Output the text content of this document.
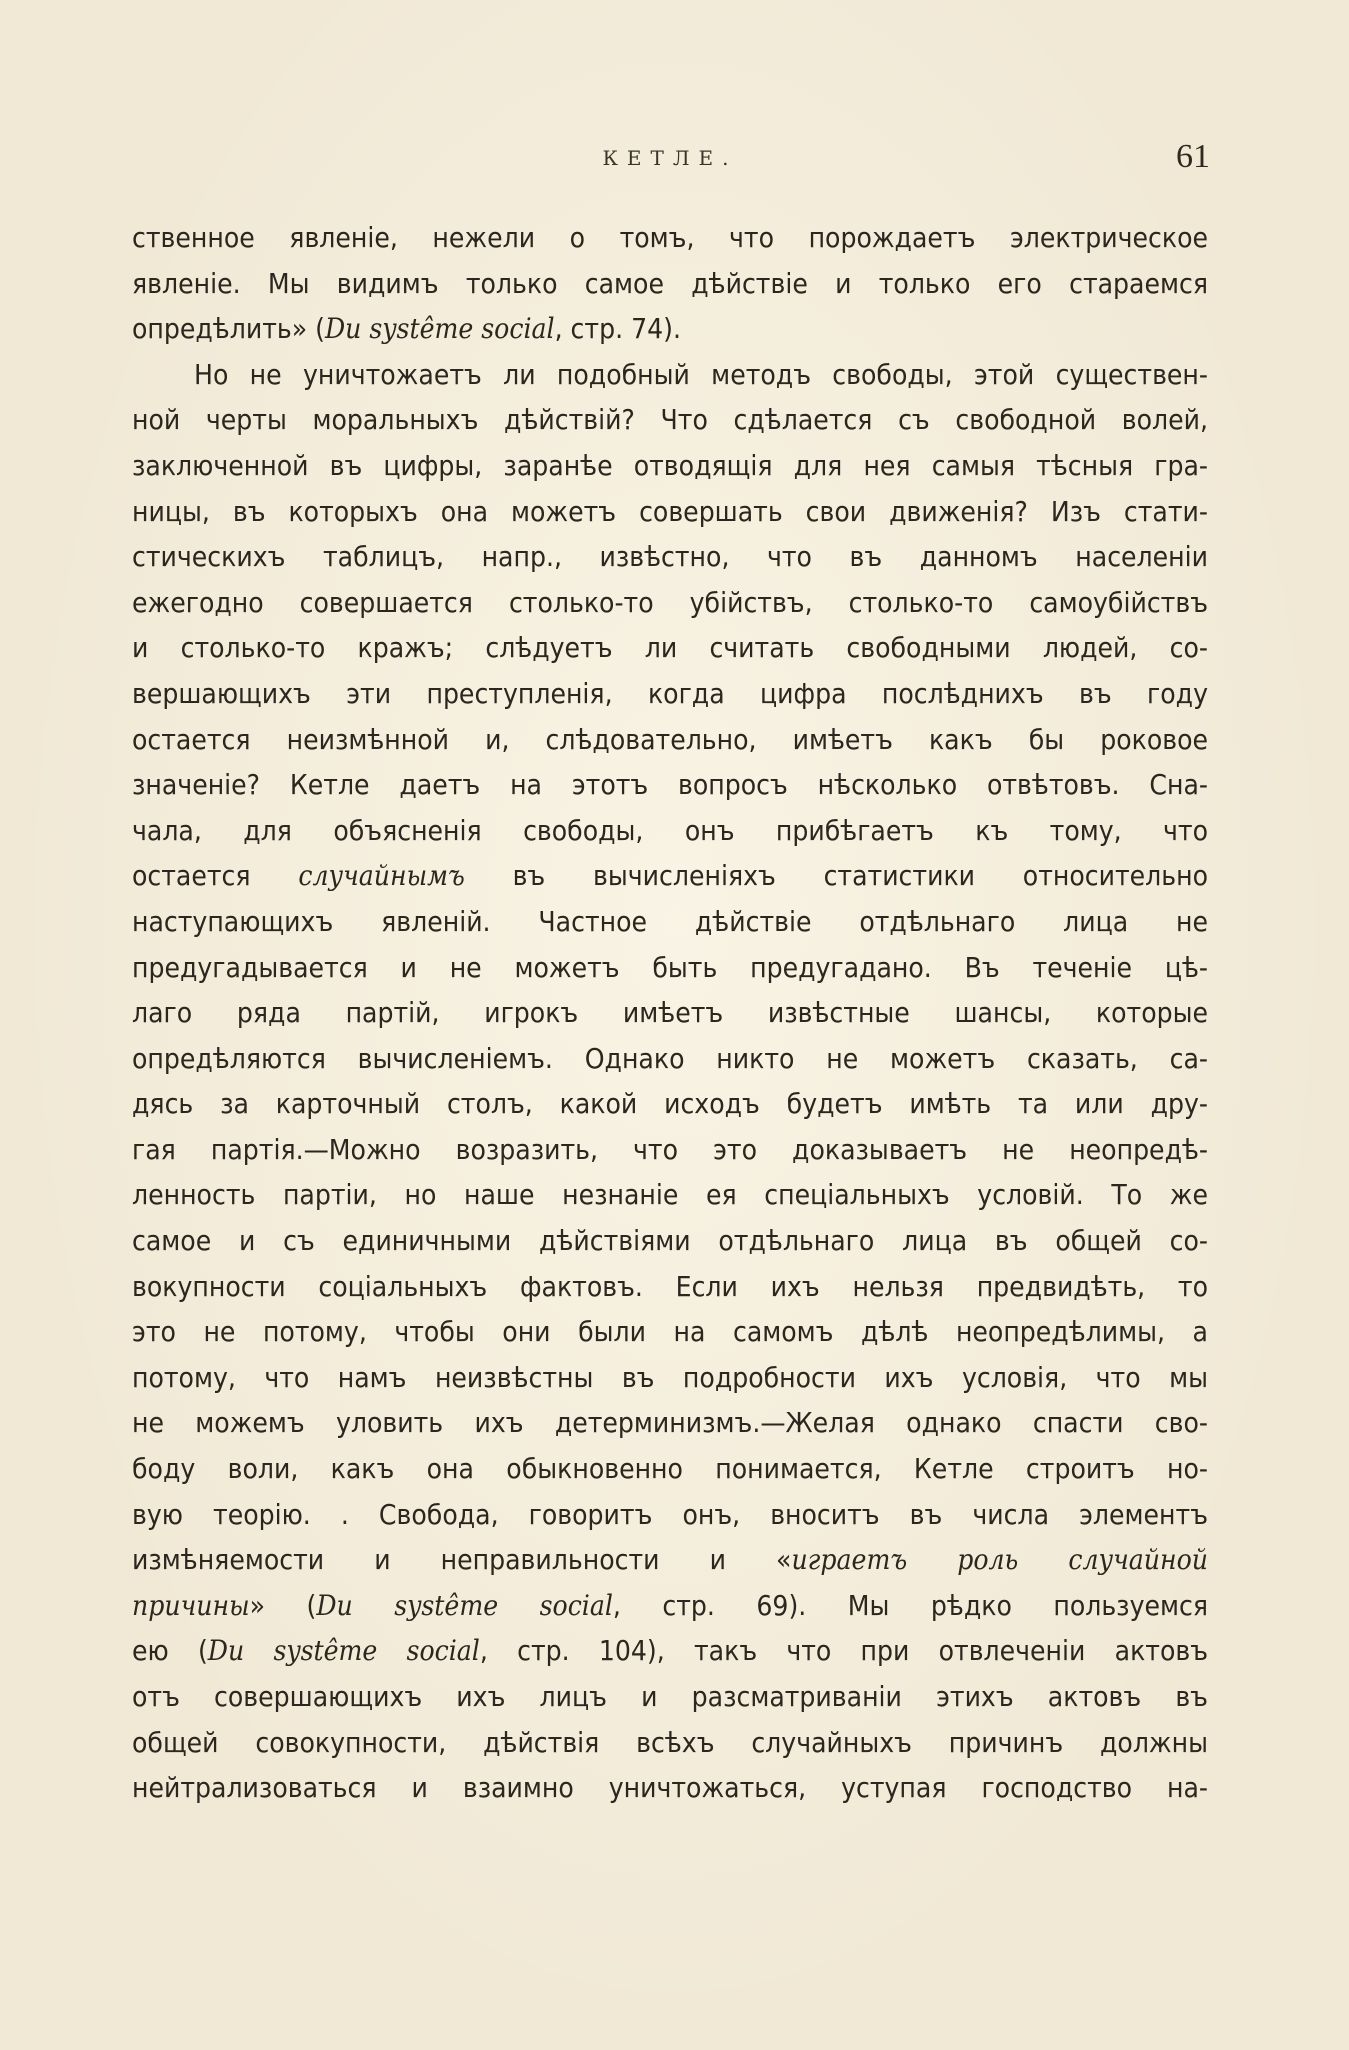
КЕТЛЕ.	61
ственное явленіе, нежели о томъ, что порождаетъ электрическое
явленіе. Мы видимъ только самое дѣйствіе и только его стараемся
опредѣлить» (Du systême social, стр. 74).
Но не уничтожаетъ ли подобный методъ свободы, этой существен-
ной черты моральныхъ дѣйствій? Что сдѣлается съ свободной волей,
заключенной въ цифры, заранѣе отводящія для нея самыя тѣсныя гра-
ницы, въ которыхъ она можетъ совершать свои движенія? Изъ стати-
стическихъ таблицъ, напр., извѣстно, что въ данномъ населеніи
ежегодно совершается столько-то убійствъ, столько-то самоубійствъ
и столько-то кражъ; слѣдуетъ ли считать свободными людей, со-
вершающихъ эти преступленія, когда цифра послѣднихъ въ году
остается неизмѣнной и, слѣдовательно, имѣетъ какъ бы роковое
значеніе? Кетле даетъ на этотъ вопросъ нѣсколько отвѣтовъ. Сна-
чала, для объясненія свободы, онъ прибѣгаетъ къ тому, что
остается случайнымъ въ вычисленіяхъ статистики относительно
наступающихъ явленій. Частное дѣйствіе отдѣльнаго лица не
предугадывается и не можетъ быть предугадано. Въ теченіе цѣ-
лаго ряда партій, игрокъ имѣетъ извѣстные шансы, которые
опредѣляются вычисленіемъ. Однако никто не можетъ сказать, са-
дясь за карточный столъ, какой исходъ будетъ имѣть та или дру-
гая партія.—Можно возразить, что это доказываетъ не неопредѣ-
ленность партіи, но наше незнаніе ея спеціальныхъ условій. То же
самое и съ единичными дѣйствіями отдѣльнаго лица въ общей со-
вокупности соціальныхъ фактовъ. Если ихъ нельзя предвидѣть, то
это не потому, чтобы они были на самомъ дѣлѣ неопредѣлимы, а
потому, что намъ неизвѣстны въ подробности ихъ условія, что мы
не можемъ уловить ихъ детерминизмъ.—Желая однако спасти сво-
боду воли, какъ она обыкновенно понимается, Кетле строитъ но-
вую теорію. . Свобода, говоритъ онъ, вноситъ въ числа элементъ
измѣняемости и неправильности и «играетъ роль случайной
причины» (Du systême social, стр. 69). Мы рѣдко пользуемся
ею (Du systême social, стр. 104), такъ что при отвлеченіи актовъ
отъ совершающихъ ихъ лицъ и разсматриваніи этихъ актовъ въ
общей совокупности, дѣйствія всѣхъ случайныхъ причинъ должны
нейтрализоваться и взаимно уничтожаться, уступая господство на-
